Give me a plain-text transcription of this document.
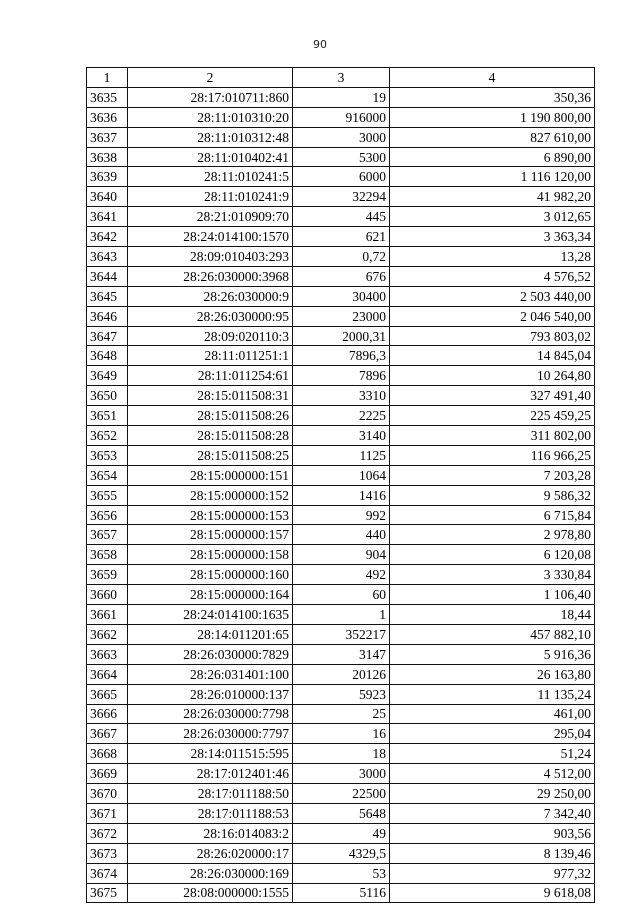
90
1	2	3	4
3635	28:17:010711:860	19	350,36
3636	28:11:010310:20	916000	1 190 800,00
3637	28:11:010312:48	3000	827 610,00
3638	28:11:010402:41	5300	6 890,00
3639	28:11:010241:5	6000	1 116 120,00
3640	28:11:010241:9	32294	41 982,20
3641	28:21:010909:70	445	3 012,65
3642	28:24:014100:1570	621	3 363,34
3643	28:09:010403:293	0,72	13,28
3644	28:26:030000:3968	676	4 576,52
3645	28:26:030000:9	30400	2 503 440,00
3646	28:26:030000:95	23000	2 046 540,00
3647	28:09:020110:3	2000,31	793 803,02
3648	28:11:011251:1	7896,3	14 845,04
3649	28:11:011254:61	7896	10 264,80
3650	28:15:011508:31	3310	327 491,40
3651	28:15:011508:26	2225	225 459,25
3652	28:15:011508:28	3140	311 802,00
3653	28:15:011508:25	1125	116 966,25
3654	28:15:000000:151	1064	7 203,28
3655	28:15:000000:152	1416	9 586,32
3656	28:15:000000:153	992	6 715,84
3657	28:15:000000:157	440	2 978,80
3658	28:15:000000:158	904	6 120,08
3659	28:15:000000:160	492	3 330,84
3660	28:15:000000:164	60	1 106,40
3661	28:24:014100:1635	1	18,44
3662	28:14:011201:65	352217	457 882,10
3663	28:26:030000:7829	3147	5 916,36
3664	28:26:031401:100	20126	26 163,80
3665	28:26:010000:137	5923	11 135,24
3666	28:26:030000:7798	25	461,00
3667	28:26:030000:7797	16	295,04
3668	28:14:011515:595	18	51,24
3669	28:17:012401:46	3000	4 512,00
3670	28:17:011188:50	22500	29 250,00
3671	28:17:011188:53	5648	7 342,40
3672	28:16:014083:2	49	903,56
3673	28:26:020000:17	4329,5	8 139,46
3674	28:26:030000:169	53	977,32
3675	28:08:000000:1555	5116	9 618,08
